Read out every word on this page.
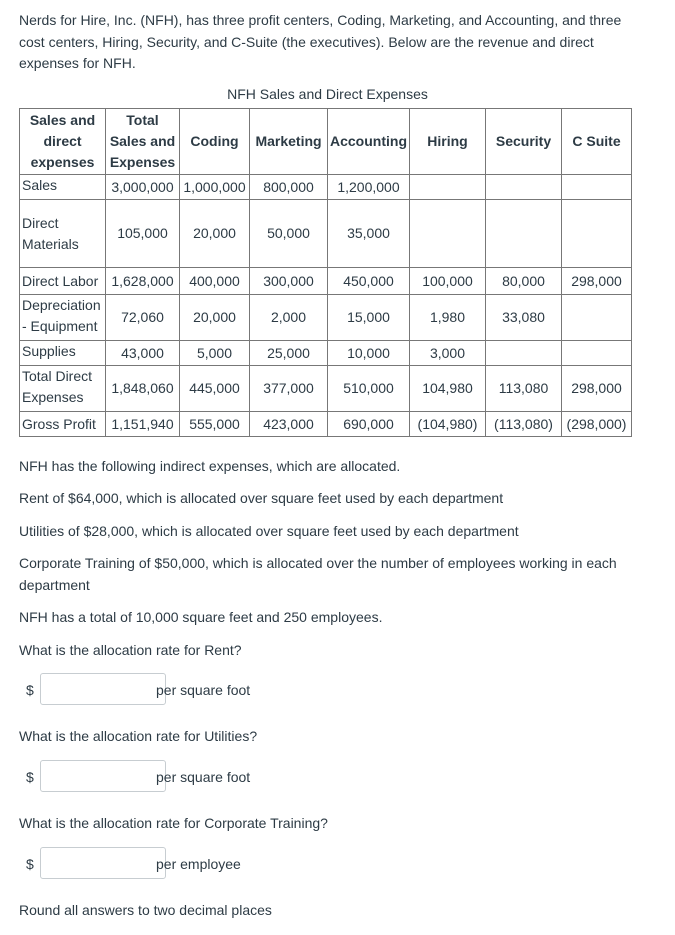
Nerds for Hire, Inc. (NFH), has three profit centers, Coding, Marketing, and Accounting, and three cost centers, Hiring, Security, and C-Suite (the executives). Below are the revenue and direct expenses for NFH.
NFH Sales and Direct Expenses
Sales and direct expenses	Total Sales and Expenses	Coding	Marketing	Accounting	Hiring	Security	C Suite
Sales	3,000,000	1,000,000	800,000	1,200,000			
Direct Materials	105,000	20,000	50,000	35,000			
Direct Labor	1,628,000	400,000	300,000	450,000	100,000	80,000	298,000
Depreciation - Equipment	72,060	20,000	2,000	15,000	1,980	33,080	
Supplies	43,000	5,000	25,000	10,000	3,000		
Total Direct Expenses	1,848,060	445,000	377,000	510,000	104,980	113,080	298,000
Gross Profit	1,151,940	555,000	423,000	690,000	(104,980)	(113,080)	(298,000)
NFH has the following indirect expenses, which are allocated.
Rent of $64,000, which is allocated over square feet used by each department
Utilities of $28,000, which is allocated over square feet used by each department
Corporate Training of $50,000, which is allocated over the number of employees working in each department
NFH has a total of 10,000 square feet and 250 employees.
What is the allocation rate for Rent?
$	per square foot
What is the allocation rate for Utilities?
$	per square foot
What is the allocation rate for Corporate Training?
$	per employee
Round all answers to two decimal places
